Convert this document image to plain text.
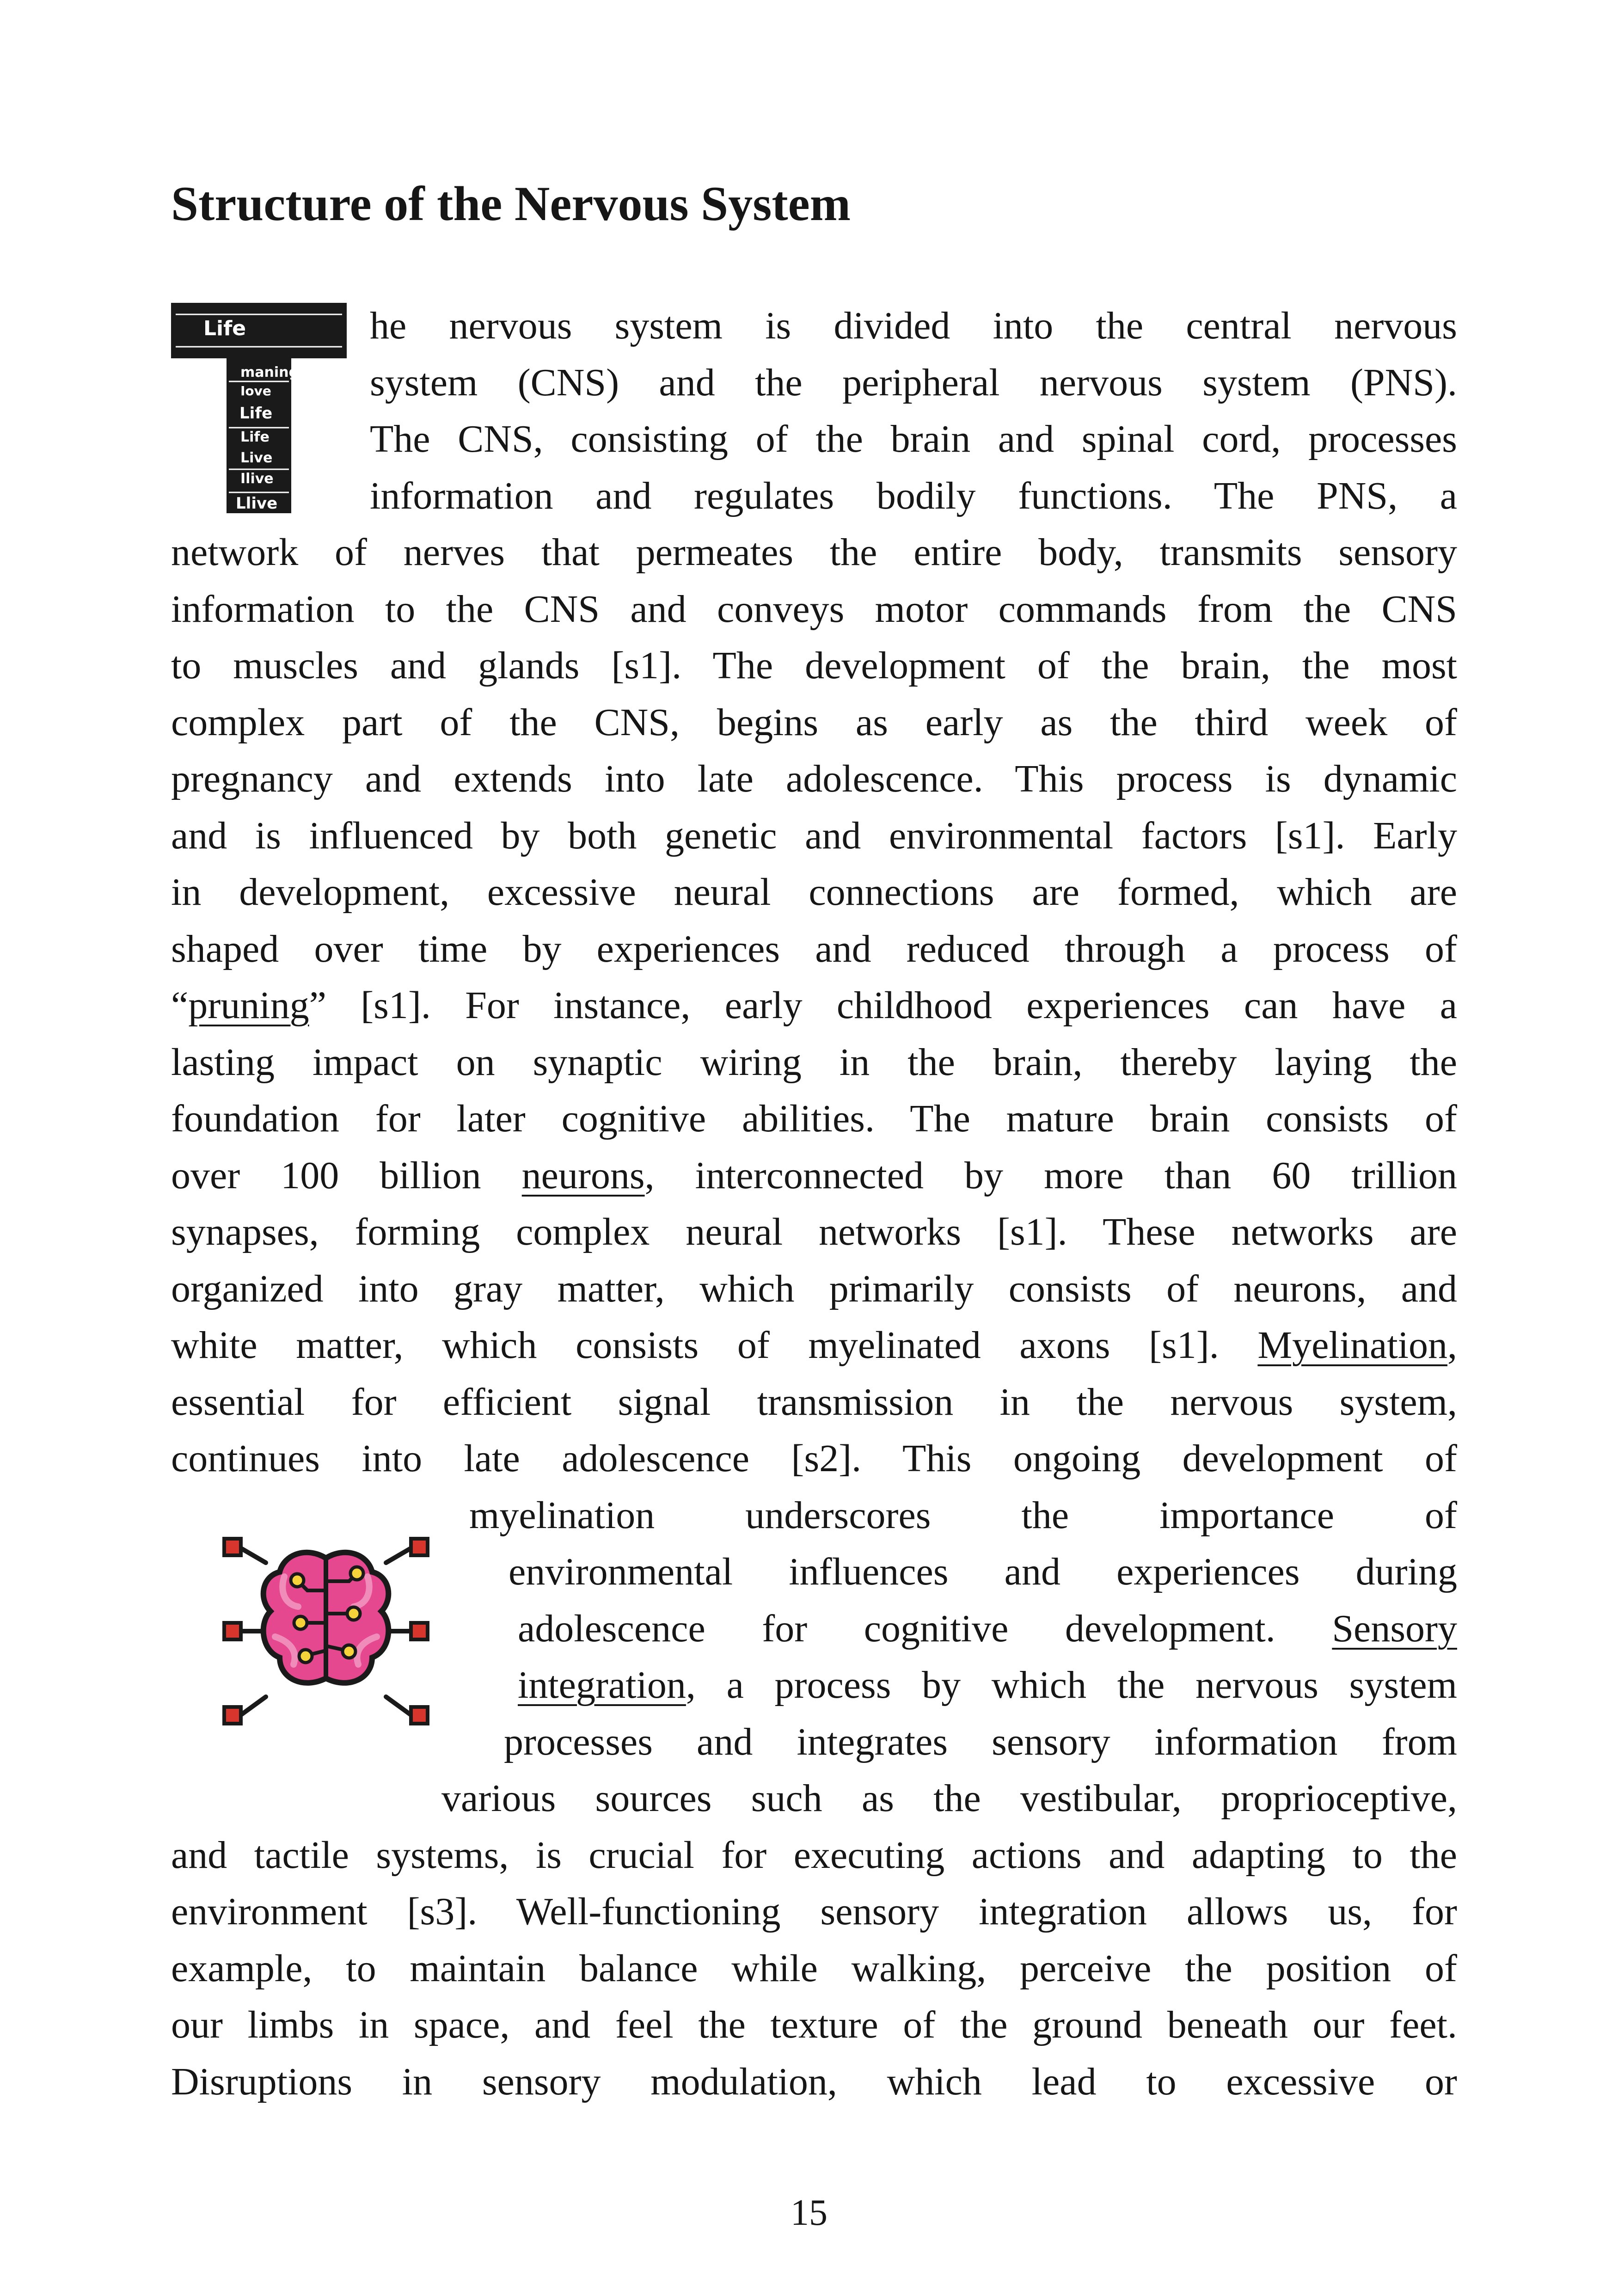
Structure of the Nervous System
Life
maning
Iove
Life
Life
Live
Ilive
Llive
he nervous system is divided into the central nervous
system (CNS) and the peripheral nervous system (PNS).
The CNS, consisting of the brain and spinal cord, processes
information and regulates bodily functions. The PNS, a
network of nerves that permeates the entire body, transmits sensory
information to the CNS and conveys motor commands from the CNS
to muscles and glands [s1]. The development of the brain, the most
complex part of the CNS, begins as early as the third week of
pregnancy and extends into late adolescence. This process is dynamic
and is influenced by both genetic and environmental factors [s1]. Early
in development, excessive neural connections are formed, which are
shaped over time by experiences and reduced through a process of
“pruning” [s1]. For instance, early childhood experiences can have a
lasting impact on synaptic wiring in the brain, thereby laying the
foundation for later cognitive abilities. The mature brain consists of
over 100 billion neurons, interconnected by more than 60 trillion
synapses, forming complex neural networks [s1]. These networks are
organized into gray matter, which primarily consists of neurons, and
white matter, which consists of myelinated axons [s1]. Myelination,
essential for efficient signal transmission in the nervous system,
continues into late adolescence [s2]. This ongoing development of
myelination underscores the importance of
environmental influences and experiences during
adolescence for cognitive development. Sensory
integration, a process by which the nervous system
processes and integrates sensory information from
various sources such as the vestibular, proprioceptive,
and tactile systems, is crucial for executing actions and adapting to the
environment [s3]. Well-functioning sensory integration allows us, for
example, to maintain balance while walking, perceive the position of
our limbs in space, and feel the texture of the ground beneath our feet.
Disruptions in sensory modulation, which lead to excessive or
15
